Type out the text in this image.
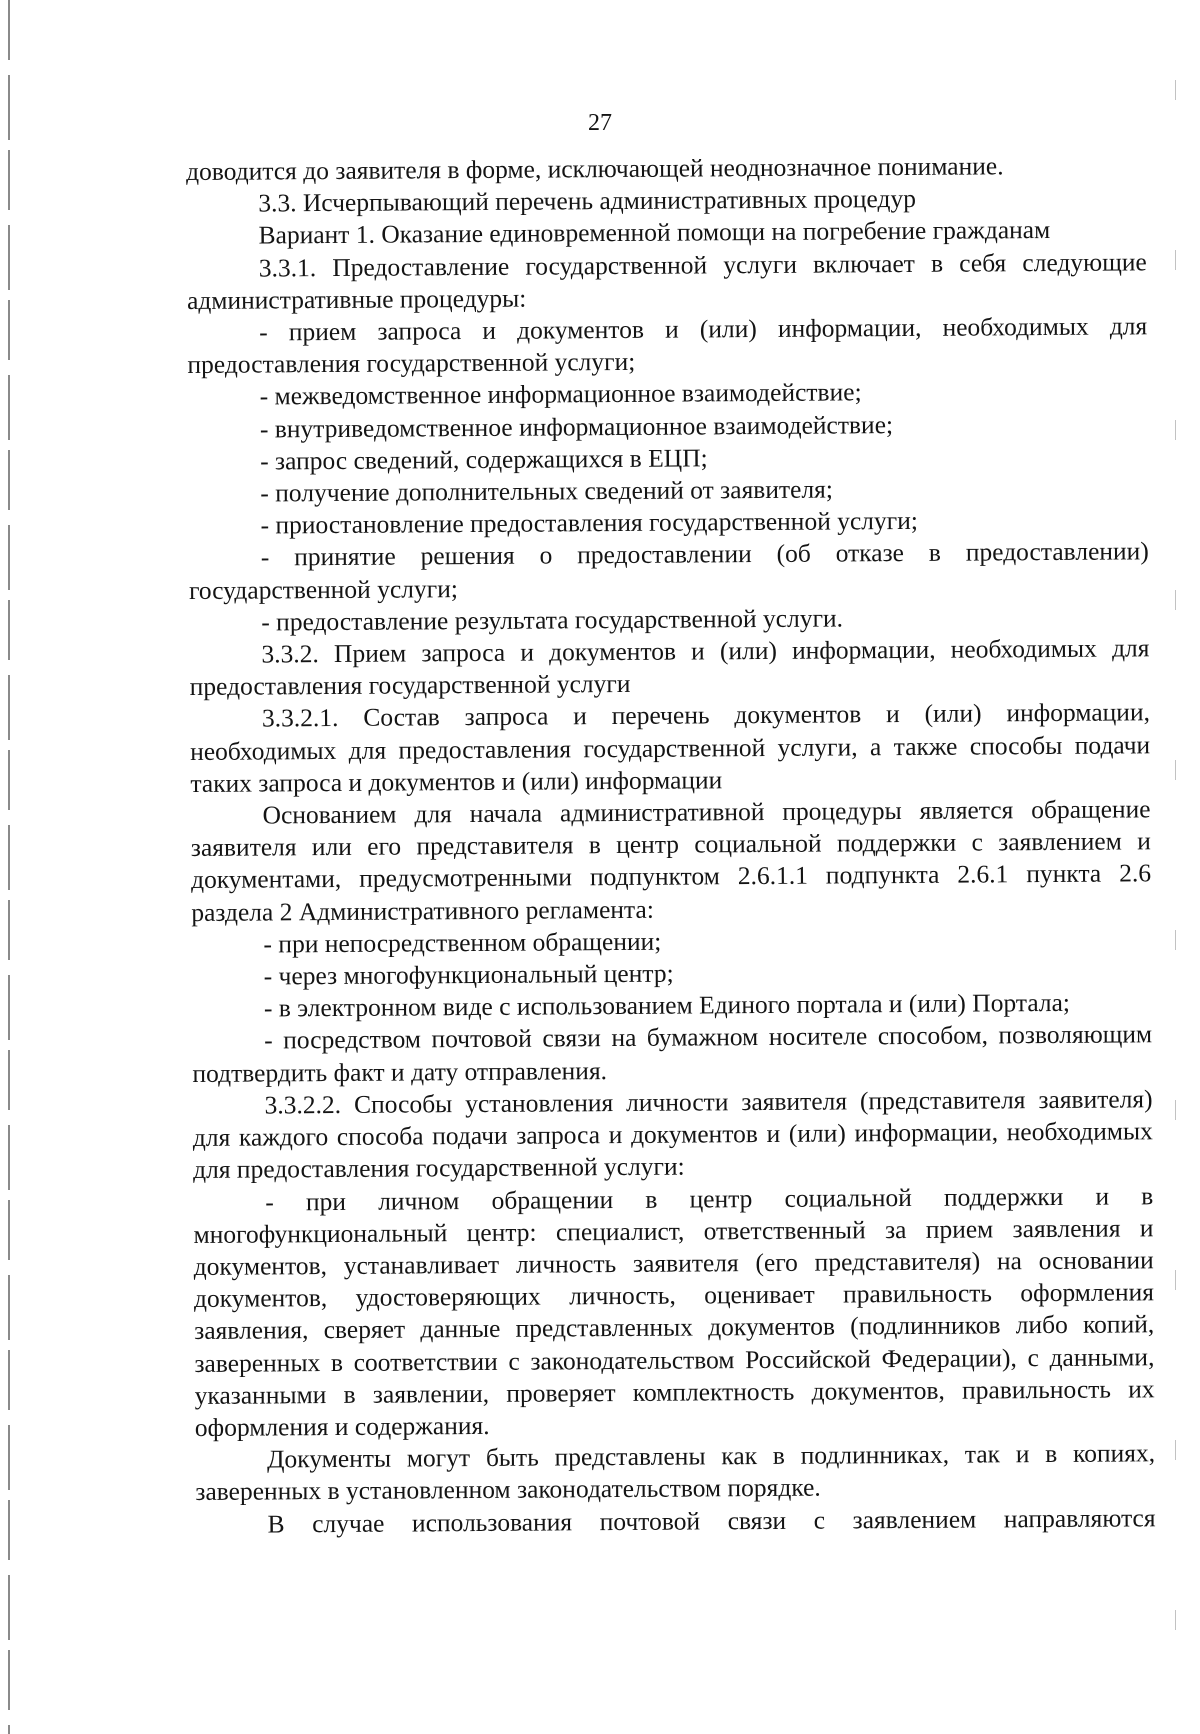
27

доводится до заявителя в форме, исключающей неоднозначное понимание.

3.3. Исчерпывающий перечень административных процедур

Вариант 1. Оказание единовременной помощи на погребение гражданам

3.3.1. Предоставление государственной услуги включает в себя следующие административные процедуры:

- прием запроса и документов и (или) информации, необходимых для предоставления государственной услуги;

- межведомственное информационное взаимодействие;

- внутриведомственное информационное взаимодействие;

- запрос сведений, содержащихся в ЕЦП;

- получение дополнительных сведений от заявителя;

- приостановление предоставления государственной услуги;

- принятие решения о предоставлении (об отказе в предоставлении) государственной услуги;

- предоставление результата государственной услуги.

3.3.2. Прием запроса и документов и (или) информации, необходимых для предоставления государственной услуги

3.3.2.1. Состав запроса и перечень документов и (или) информации, необходимых для предоставления государственной услуги, а также способы подачи таких запроса и документов и (или) информации

Основанием для начала административной процедуры является обращение заявителя или его представителя в центр социальной поддержки с заявлением и документами, предусмотренными подпунктом 2.6.1.1 подпункта 2.6.1 пункта 2.6 раздела 2 Административного регламента:

- при непосредственном обращении;

- через многофункциональный центр;

- в электронном виде с использованием Единого портала и (или) Портала;

- посредством почтовой связи на бумажном носителе способом, позволяющим подтвердить факт и дату отправления.

3.3.2.2. Способы установления личности заявителя (представителя заявителя) для каждого способа подачи запроса и документов и (или) информации, необходимых для предоставления государственной услуги:

- при личном обращении в центр социальной поддержки и в многофункциональный центр: специалист, ответственный за прием заявления и документов, устанавливает личность заявителя (его представителя) на основании документов, удостоверяющих личность, оценивает правильность оформления заявления, сверяет данные представленных документов (подлинников либо копий, заверенных в соответствии с законодательством Российской Федерации), с данными, указанными в заявлении, проверяет комплектность документов, правильность их оформления и содержания.

Документы могут быть представлены как в подлинниках, так и в копиях, заверенных в установленном законодательством порядке.

В случае использования почтовой связи с заявлением направляются
